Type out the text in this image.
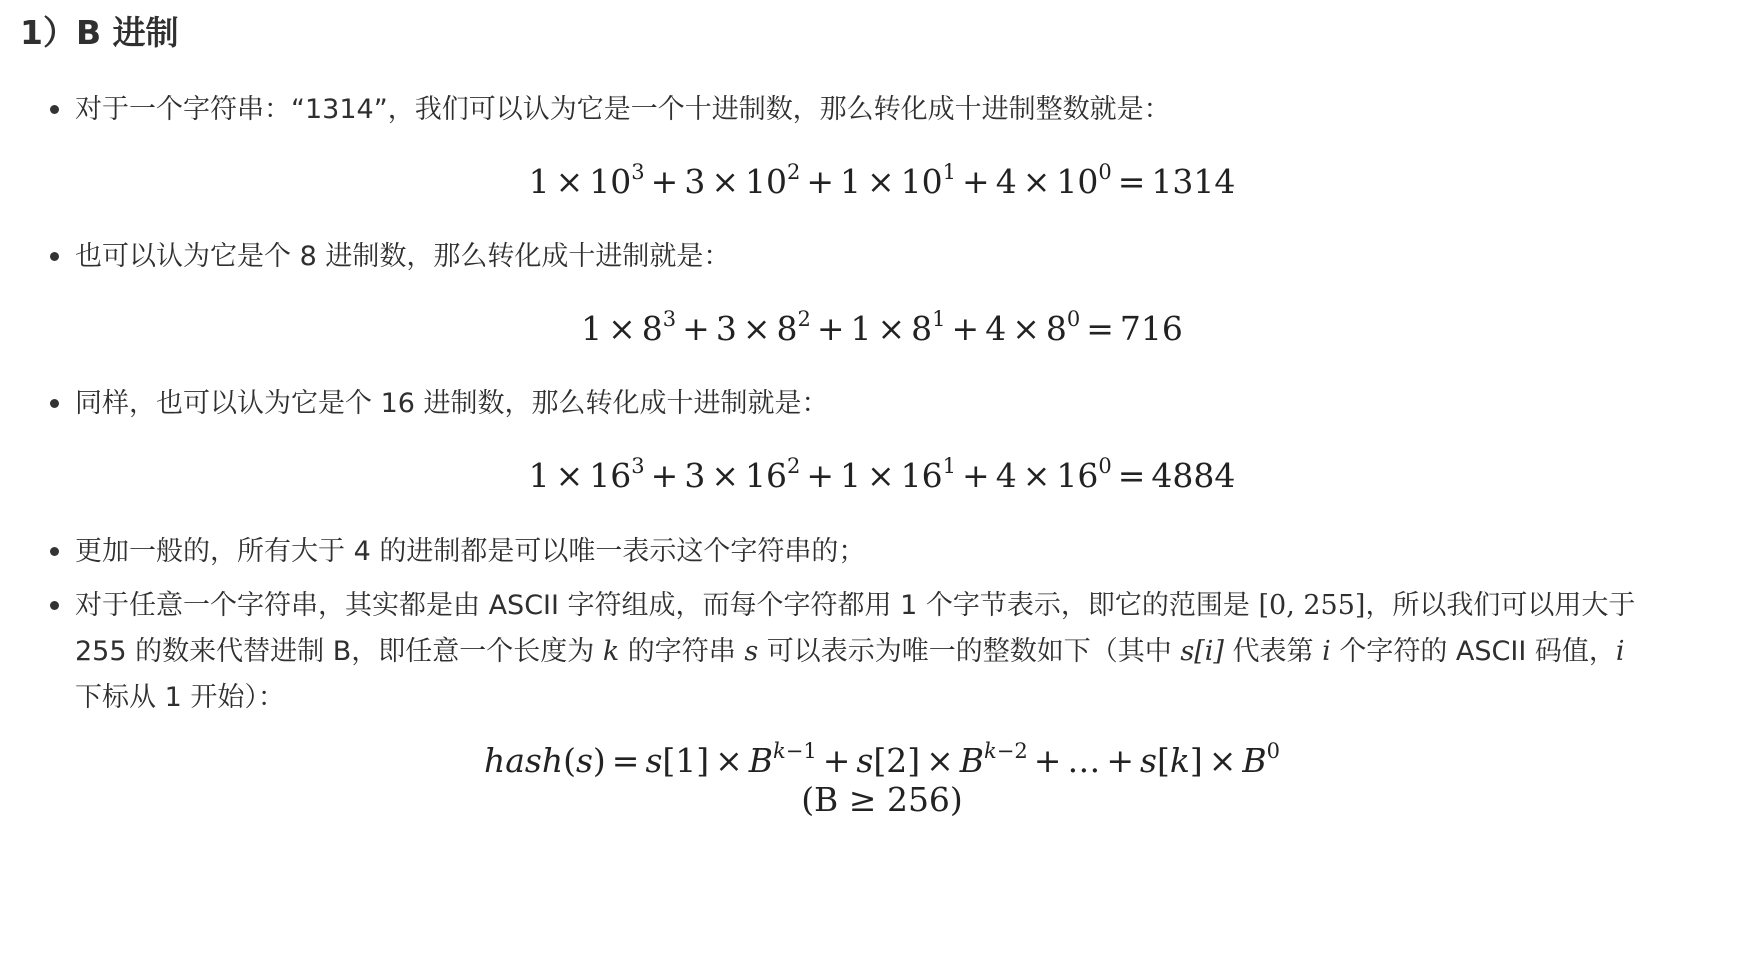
1）B 进制
对于一个字符串：“1314”，我们可以认为它是一个十进制数，那么转化成十进制整数就是：
$1 \times 10^3 + 3 \times 10^2 + 1 \times 10^1 + 4 \times 10^0 = 1314$
也可以认为它是个 8 进制数，那么转化成十进制就是：
$1 \times 8^3 + 3 \times 8^2 + 1 \times 8^1 + 4 \times 8^0 = 716$
同样，也可以认为它是个 16 进制数，那么转化成十进制就是：
$1 \times 16^3 + 3 \times 16^2 + 1 \times 16^1 + 4 \times 16^0 = 4884$
更加一般的，所有大于 4 的进制都是可以唯一表示这个字符串的；
对于任意一个字符串，其实都是由 ASCII 字符组成，而每个字符都用 1 个字节表示，即它的范围是 [0, 255]，所以我们可以用大于
255 的数来代替进制 B，即任意一个长度为 k 的字符串 s 可以表示为唯一的整数如下（其中 s[i] 代表第 i 个字符的 ASCII 码值，i
下标从 1 开始）：
hash(s) = $s[1] \times B^{k-1} + s[2] \times B^{k-2}$ + … + $s[k] \times B^0$
(B ≥ 256)
